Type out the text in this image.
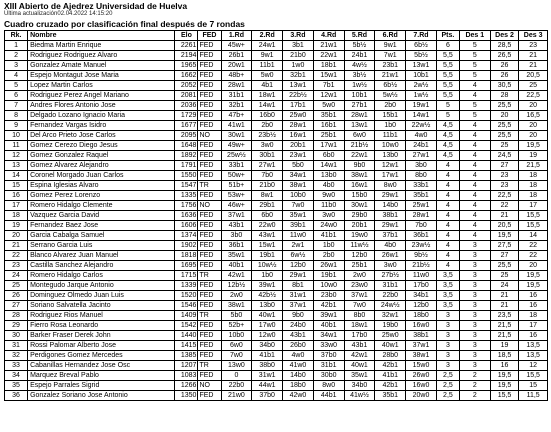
XIII Abierto de Ajedrez Universidad de Huelva
Última actualización02.04.2022 14:15:20
Cuadro cruzado por clasificación final después de 7 rondas
Rk.	Nombre	Elo	FED	1.Rd	2.Rd	3.Rd	4.Rd	5.Rd	6.Rd	7.Rd	Pts.	Des 1	Des 2	Des 3
1	Biedma Martin Enrique	2261	FED	45w+	24w1	3b1	21w1	5b½	9w1	6b½	6	5	28,5	23
2	Rodriguez Rodriguez Alvaro	2194	FED	26b1	9w1	21b0	22w1	24b1	7w1	5b½	5,5	5	26,5	21
3	Gonzalez Amate Manuel	1965	FED	20w1	11b1	1w0	18b1	4w½	23b1	13w1	5,5	5	26	21
4	Espejo Montagut Jose Maria	1662	FED	48b+	5w0	32b1	15w1	3b½	21w1	10b1	5,5	5	26	20,5
5	Lopez Martin Carlos	2052	FED	28w1	4b1	13w1	7b1	1w½	6b½	2w½	5,5	4	30,5	25
6	Rodriguez Perez Angel Mariano	2081	FED	31b1	18w1	22b½	12w1	10b1	5w½	1w½	5,5	4	28	22,5
7	Andres Flores Antonio Jose	2036	FED	32b1	14w1	17b1	5w0	27b1	2b0	19w1	5	5	25,5	20
8	Delgado Lozano Ignacio Maria	1729	FED	47b+	16b0	25w0	35b1	28w1	15b1	14w1	5	5	20	16,5
9	Fernandez Vargas Isidro	1677	FED	41w1	2b0	28w1	16b1	13w1	1b0	22w½	4,5	4	25,5	20
10	Del Arco Prieto Jose Carlos	2095	NO	30w1	23b½	16w1	25b1	6w0	11b1	4w0	4,5	4	25,5	20
11	Gomez Cerezo Diego Jesus	1648	FED	49w+	3w0	20b1	17w1	21b½	10w0	24b1	4,5	4	25	19,5
12	Gomez Gonzalez Raquel	1892	FED	25w½	30b1	23w1	6b0	22w1	13b0	27w1	4,5	4	24,5	19
13	Gomez Alvarez Alejandro	1791	FED	33b1	27w1	5b0	14w1	9b0	12w1	3b0	4	4	27	21,5
14	Coronel Morgado Juan Carlos	1550	FED	50w+	7b0	34w1	13b0	38w1	17w1	8b0	4	4	23	18
15	Espina Iglesias Alvaro	1547	TR	51b+	21b0	38w1	4b0	16w1	8w0	33b1	4	4	23	18
16	Gomez Perez Lorenzo	1335	FED	53w+	8w1	10b0	9w0	15b0	29w1	35b1	4	4	22,5	18
17	Romero Hidalgo Clemente	1756	NO	46w+	29b1	7w0	11b0	30w1	14b0	25w1	4	4	22	17
18	Vazquez Garcia David	1636	FED	37w1	6b0	35w1	3w0	29b0	38b1	28w1	4	4	21	15,5
19	Fernandez Baez Jose	1606	FED	43b1	22w0	39b1	24w0	20b1	29w1	7b0	4	4	20,5	15,5
20	Garcia Cabalga Samuel	1374	FED	3b0	43w1	11w0	41b1	19w0	37b1	36b1	4	4	19,5	14
21	Serrano Garcia Luis	1902	FED	36b1	15w1	2w1	1b0	11w½	4b0	23w½	4	3	27,5	22
22	Blanco Alvarez Juan Manuel	1818	FED	35w1	19b1	6w½	2b0	12b0	26w1	9b½	4	3	27	22
23	Castilla Sanchez Alejandro	1695	FED	40b1	10w½	12b0	26w1	25b1	3w0	21b½	4	3	25,5	20
24	Romero Hidalgo Carlos	1715	TR	42w1	1b0	29w1	19b1	2w0	27b½	11w0	3,5	3	25	19,5
25	Montegudo Jarque Antonio	1339	FED	12b½	39w1	8b1	10w0	23w0	31b1	17b0	3,5	3	24	19,5
26	Dominguez Olmedo Juan Luis	1520	FED	2w0	42b½	31w1	23b0	37w1	22b0	34b1	3,5	3	21	16
27	Soriano Salvatella Jacinto	1546	FED	38w1	13b0	37w1	42b1	7w0	24w½	12b0	3,5	3	21	16
28	Rodriguez Rios Manuel	1409	TR	5b0	40w1	9b0	39w1	8b0	32w1	18b0	3	3	23,5	18
29	Fierro Rosa Leonardo	1542	FED	52b+	17w0	24b0	40b1	18w1	19b0	16w0	3	3	21,5	17
30	Barker Fraser Derek John	1440	FED	10b0	12w0	43b1	34w1	17b0	25w0	38b1	3	3	21,5	16
31	Rossi Palomar Alberto Jose	1415	FED	6w0	34b0	26b0	33w0	43b1	40w1	37w1	3	3	19	13,5
32	Perdigones Gomez Mercedes	1385	FED	7w0	41b1	4w0	37b0	42w1	28b0	38w1	3	3	18,5	13,5
33	Cabanillas Hernandez Jose Osc	1207	TR	13w0	38b0	41w0	31b1	40w1	42b1	15w0	3	3	16	12
34	Marquez Breval Pablo	1083	FED	0	31w1	14b0	30b0	35w1	41b1	26w0	2,5	2	19,5	15,5
35	Espejo Parrales Sigrid	1266	NO	22b0	44w1	18b0	8w0	34b0	42b1	16w0	2,5	2	19,5	15
36	Gonzalez Soriano Jose Antonio	1350	FED	21w0	37b0	42w0	44b1	41w½	35b1	20w0	2,5	2	15,5	11,5
